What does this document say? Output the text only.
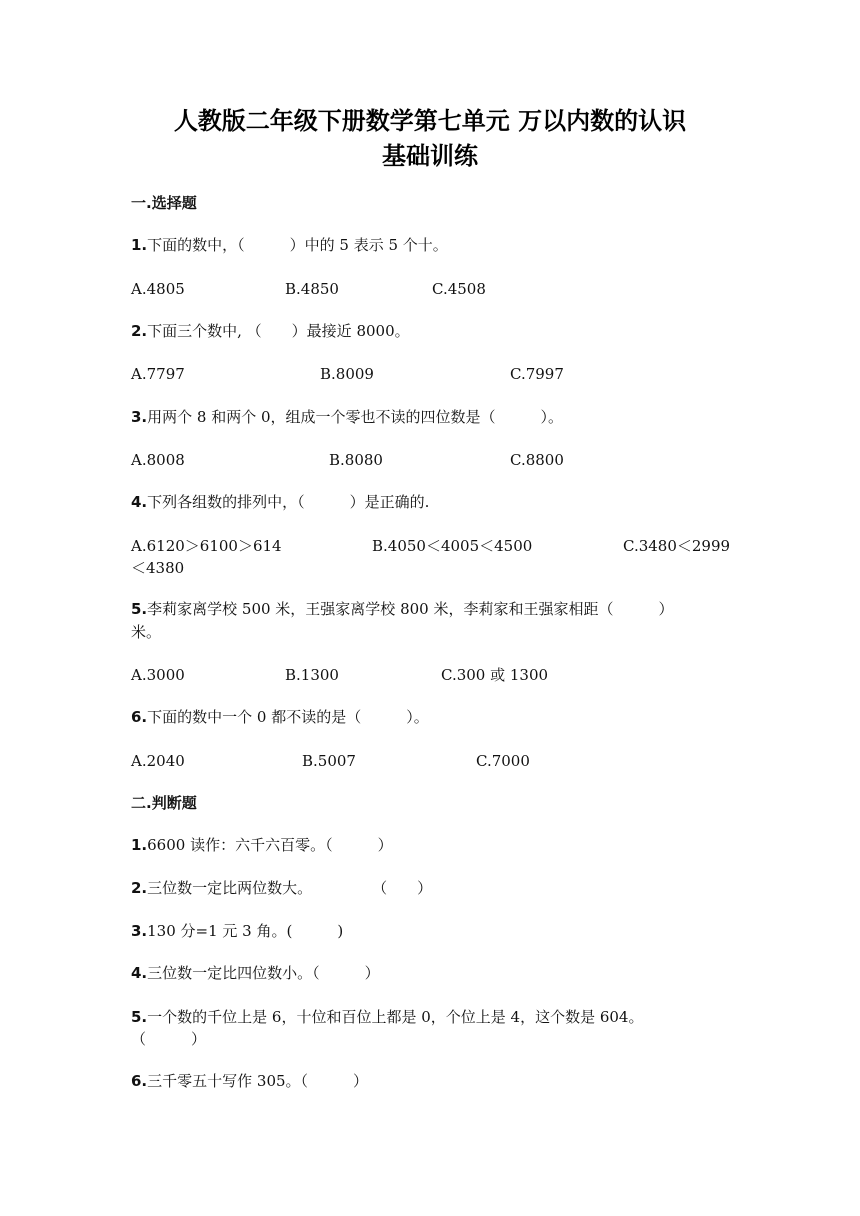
人教版二年级下册数学第七单元 万以内数的认识
基础训练
一.选择题
1.下面的数中，（　　　）中的 5 表示 5 个十。
A.4805	B.4850	C.4508
2.下面三个数中, （　　）最接近 8000。
A.7797	B.8009	C.7997
3.用两个 8 和两个 0，组成一个零也不读的四位数是（　　　）。
A.8008	B.8080	C.8800
4.下列各组数的排列中，（　　　）是正确的.
A.6120＞6100＞614	B.4050＜4005＜4500	C.3480＜2999
＜4380
5.李莉家离学校 500 米，王强家离学校 800 米，李莉家和王强家相距（　　　）
米。
A.3000	B.1300	C.300 或 1300
6.下面的数中一个 0 都不读的是（　　　）。
A.2040	B.5007	C.7000
二.判断题
1.6600 读作：六千六百零。（　　　）
2.三位数一定比两位数大。　　　　　（　　）
3.130 分=1 元 3 角。(　　　)
4.三位数一定比四位数小。（　　　）
5.一个数的千位上是 6，十位和百位上都是 0，个位上是 4，这个数是 604。
（　　　）
6.三千零五十写作 305。（　　　）
